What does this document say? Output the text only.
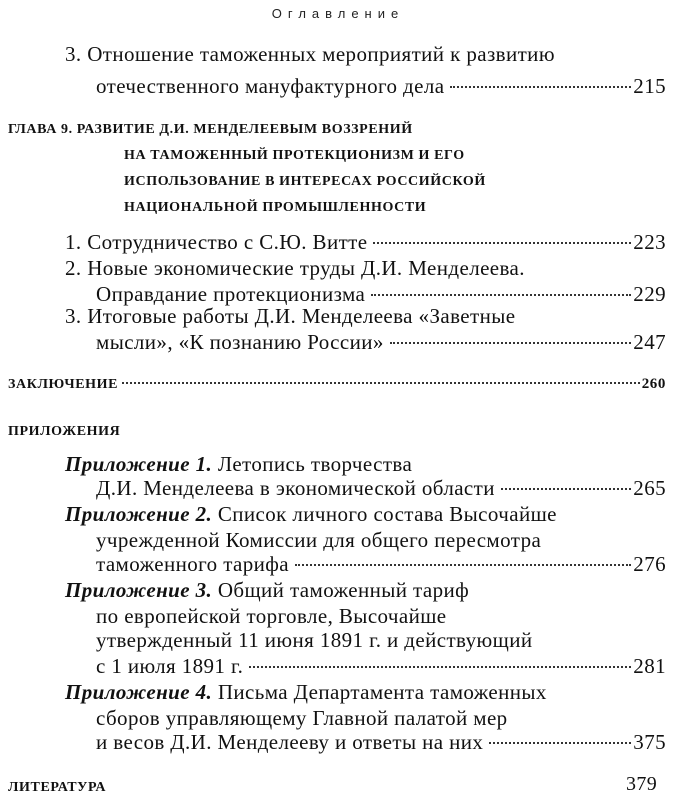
Оглавление
3. Отношение таможенных мероприятий к развитию
отечественного мануфактурного дела	215
ГЛАВА 9. РАЗВИТИЕ Д.И. МЕНДЕЛЕЕВЫМ ВОЗЗРЕНИЙ
НА ТАМОЖЕННЫЙ ПРОТЕКЦИОНИЗМ И ЕГО
ИСПОЛЬЗОВАНИЕ В ИНТЕРЕСАХ РОССИЙСКОЙ
НАЦИОНАЛЬНОЙ ПРОМЫШЛЕННОСТИ
1. Сотрудничество с С.Ю. Витте	223
2. Новые экономические труды Д.И. Менделеева.
Оправдание протекционизма	229
3. Итоговые работы Д.И. Менделеева «Заветные
мысли», «К познанию России»	247
ЗАКЛЮЧЕНИЕ	260
ПРИЛОЖЕНИЯ
Приложение 1. Летопись творчества
Д.И. Менделеева в экономической области	265
Приложение 2. Список личного состава Высочайше
учрежденной Комиссии для общего пересмотра
таможенного тарифа	276
Приложение 3. Общий таможенный тариф
по европейской торговле, Высочайше
утвержденный 11 июня 1891 г. и действующий
с 1 июля 1891 г.	281
Приложение 4. Письма Департамента таможенных
сборов управляющему Главной палатой мер
и весов Д.И. Менделееву и ответы на них	375
ЛИТЕРАТУРА	379
